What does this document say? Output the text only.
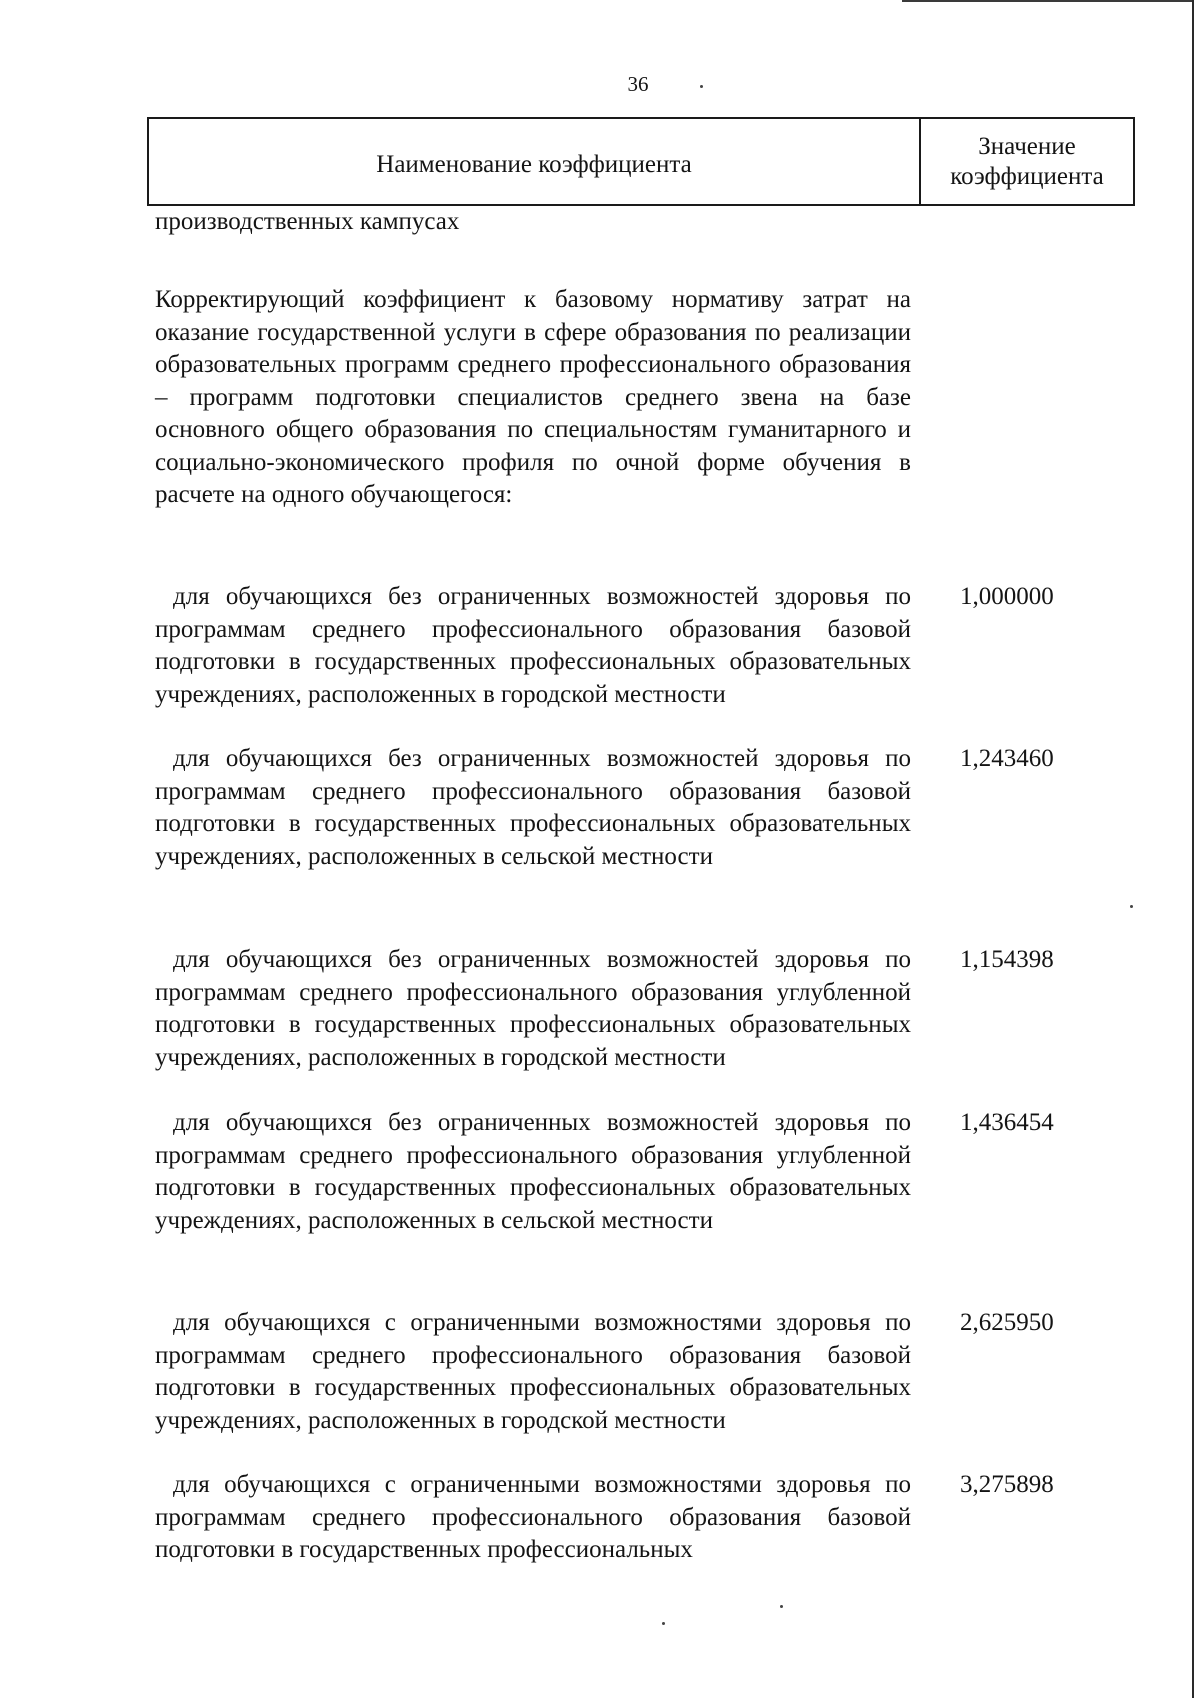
36
Наименование коэффициента
Значение
коэффициента
производственных кампусах
Корректирующий коэффициент к базовому нормативу затрат на оказание государственной услуги в сфере образования по реализации образовательных программ среднего профессионального образования – программ подготовки специалистов среднего звена на базе основного общего образования по специальностям гуманитарного и социально-экономического профиля по очной форме обучения в расчете на одного обучающегося:
для обучающихся без ограниченных возможностей здоровья по программам среднего профессионального образования базовой подготовки в государственных профессиональных образовательных учреждениях, расположенных в городской местности
1,000000
для обучающихся без ограниченных возможностей здоровья по программам среднего профессионального образования базовой подготовки в государственных профессиональных образовательных учреждениях, расположенных в сельской местности
1,243460
для обучающихся без ограниченных возможностей здоровья по программам среднего профессионального образования углубленной подготовки в государственных профессиональных образовательных учреждениях, расположенных в городской местности
1,154398
для обучающихся без ограниченных возможностей здоровья по программам среднего профессионального образования углубленной подготовки в государственных профессиональных образовательных учреждениях, расположенных в сельской местности
1,436454
для обучающихся с ограниченными возможностями здоровья по программам среднего профессионального образования базовой подготовки в государственных профессиональных образовательных учреждениях, расположенных в городской местности
2,625950
для обучающихся с ограниченными возможностями здоровья по программам среднего профессионального образования базовой подготовки в государственных профессиональных
3,275898
